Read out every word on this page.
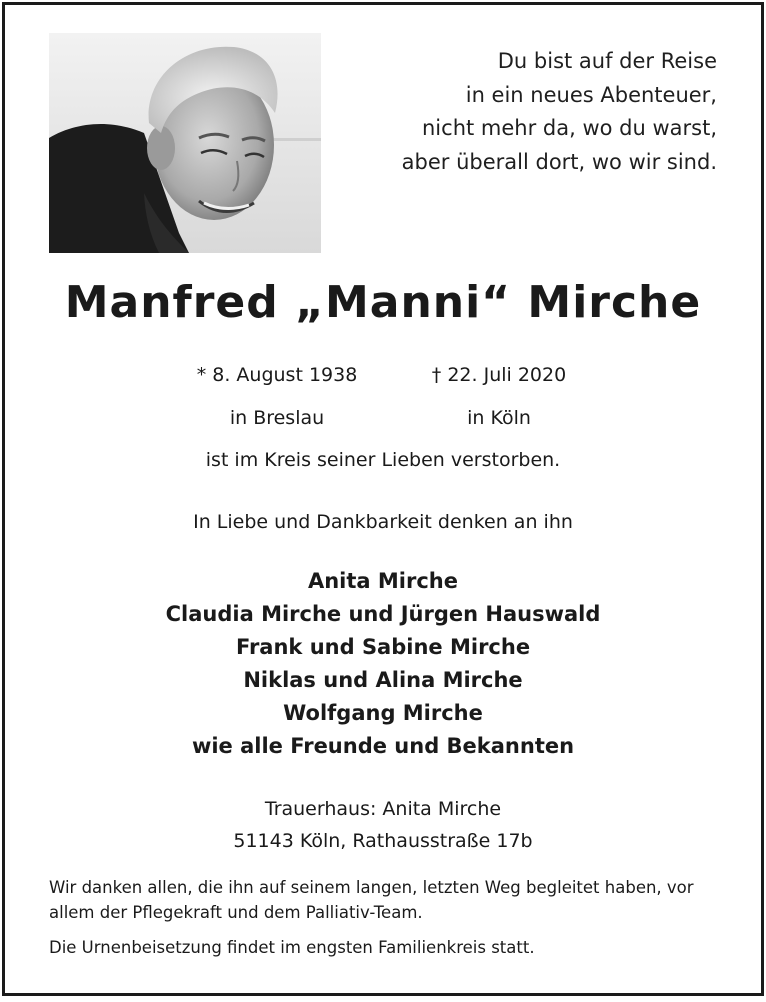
Du bist auf der Reise
in ein neues Abenteuer,
nicht mehr da, wo du warst,
aber überall dort, wo wir sind.
Manfred „Manni“ Mirche
* 8. August 1938
in Breslau
† 22. Juli 2020
in Köln
ist im Kreis seiner Lieben verstorben.
In Liebe und Dankbarkeit denken an ihn
Anita Mirche
Claudia Mirche und Jürgen Hauswald
Frank und Sabine Mirche
Niklas und Alina Mirche
Wolfgang Mirche
wie alle Freunde und Bekannten
Trauerhaus: Anita Mirche
51143 Köln, Rathausstraße 17b
Wir danken allen, die ihn auf seinem langen, letzten Weg begleitet haben, vor allem der Pflegekraft und dem Palliativ-Team.
Die Urnenbeisetzung findet im engsten Familienkreis statt.
